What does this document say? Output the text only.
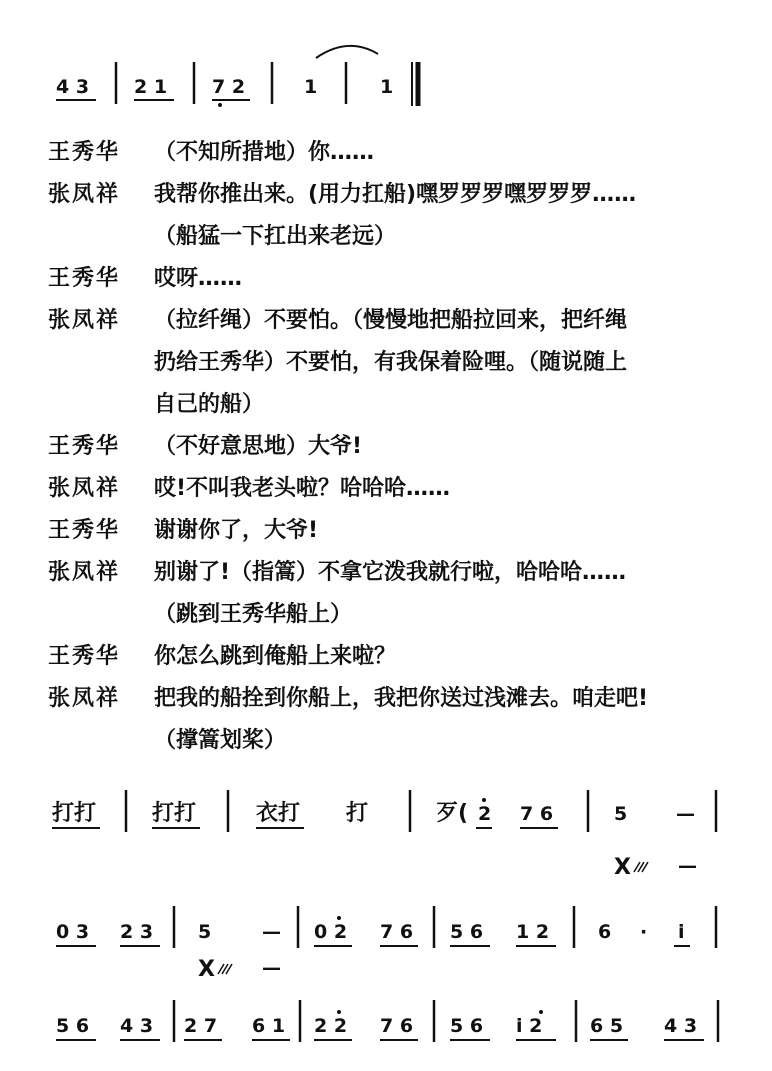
4 3 2 1 7 2	1	1
打打	打打	衣打 打	歹( 2 7 6	5	—
X —
0 3 2 3 5	— 0 2 7 6 5 6 1 2	6 · i
X —
5 6 4 3 2 7 6 1 2 2 7 6 5 6 i 2	6 5 4 3
王秀华	（不知所措地）你……
张凤祥	我帮你推出来。(用力扛船)嘿罗罗罗嘿罗罗罗……
（船猛一下扛出来老远）
王秀华	哎呀……
张凤祥	（拉纤绳）不要怕。（慢慢地把船拉回来，把纤绳
扔给王秀华）不要怕，有我保着险哩。（随说随上
自己的船）
王秀华	（不好意思地）大爷!
张凤祥	哎!不叫我老头啦？哈哈哈……
王秀华	谢谢你了，大爷!
张凤祥	别谢了!（指篙）不拿它泼我就行啦，哈哈哈……
（跳到王秀华船上）
王秀华	你怎么跳到俺船上来啦？
张凤祥	把我的船拴到你船上，我把你送过浅滩去。咱走吧!
（撑篙划桨）
